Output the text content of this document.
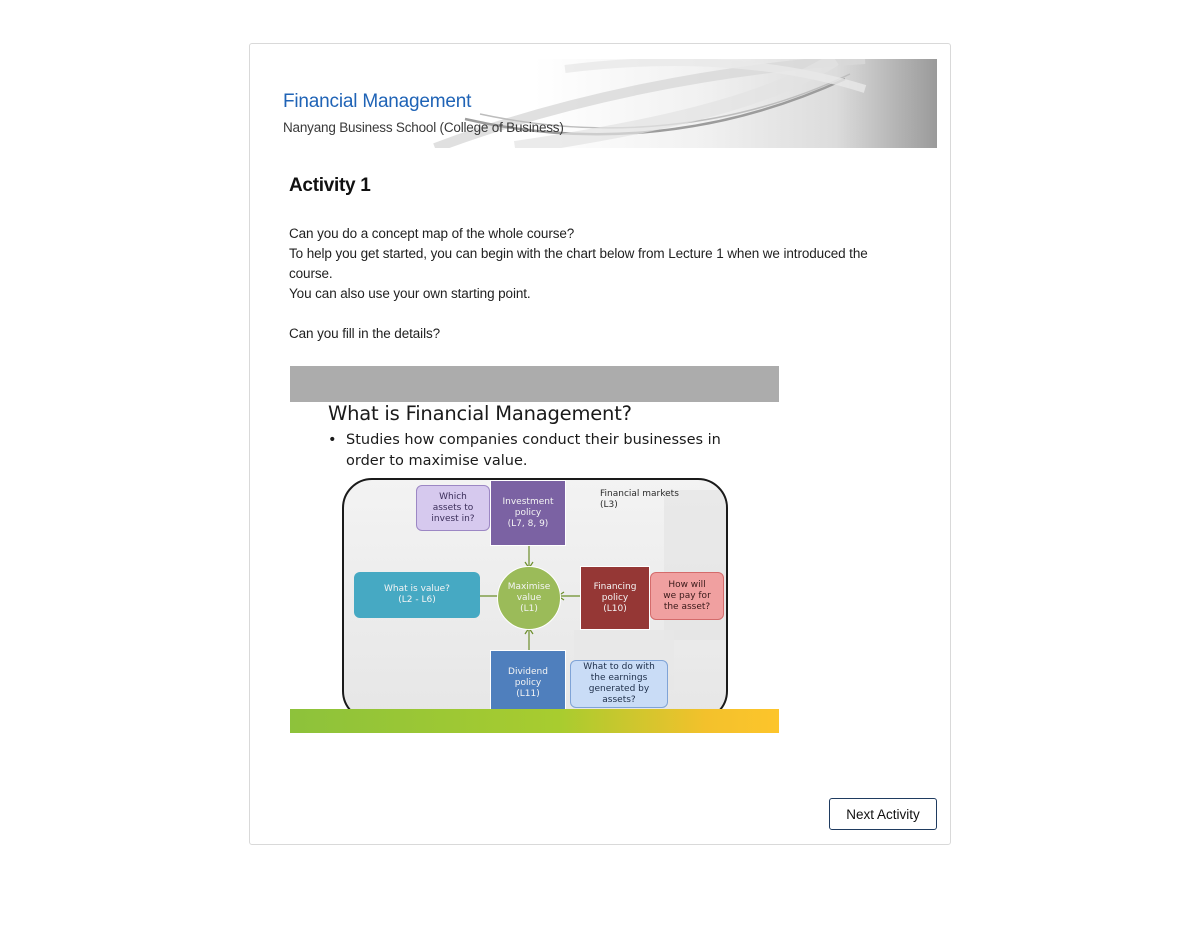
Financial Management
Nanyang Business School (College of Business)
Activity 1

Can you do a concept map of the whole course?

To help you get started, you can begin with the chart below from Lecture 1 when we introduced the course.

You can also use your own starting point.

Can you fill in the details?

What is Financial Management?
• Studies how companies conduct their businesses in
order to maximise value.
Which
assets to
invest in?
Investment
policy
(L7, 8, 9)
Financial markets
(L3)
What is value?
(L2 - L6)
Maximise
value
(L1)
Financing
policy
(L10)
How will
we pay for
the asset?
Dividend
policy
(L11)
What to do with
the earnings
generated by
assets?
Next Activity
